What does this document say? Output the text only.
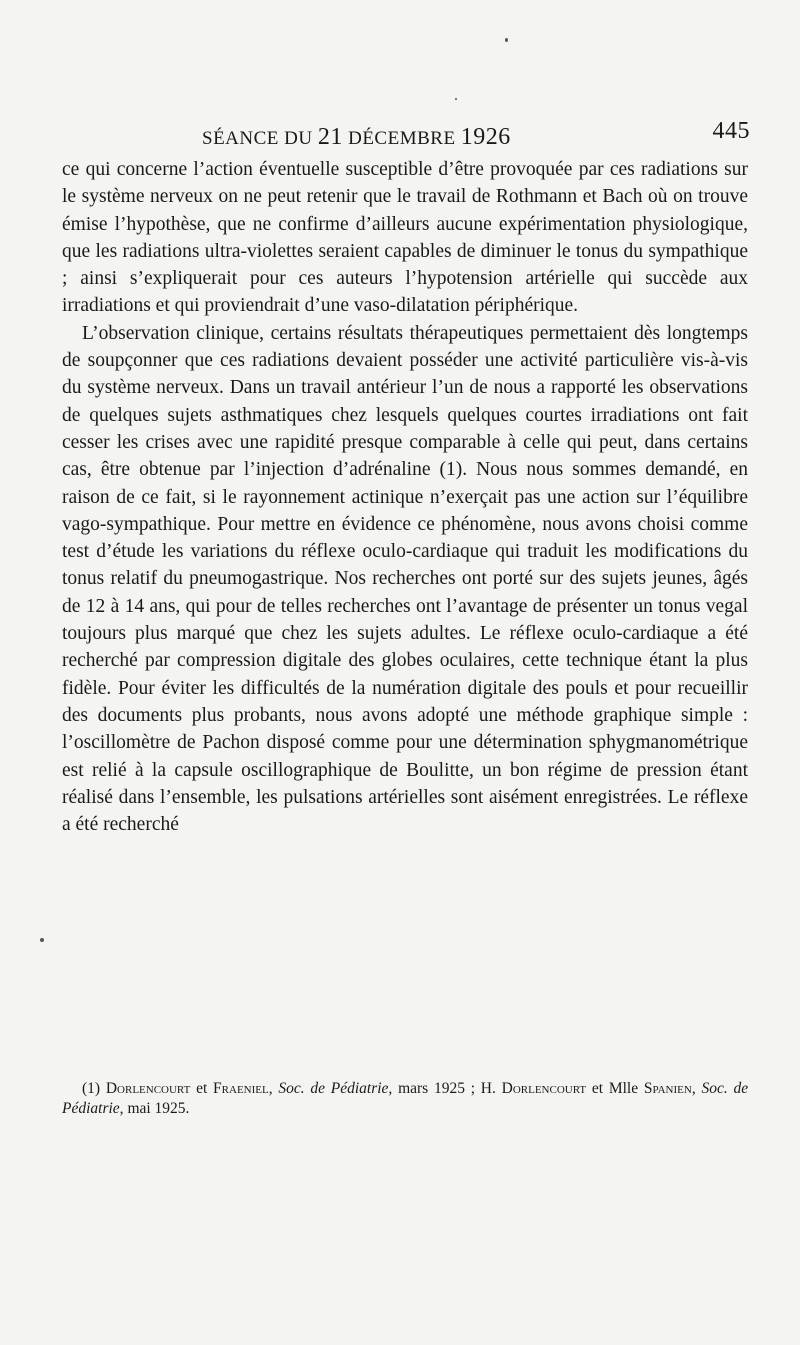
SÉANCE DU 21 DÉCEMBRE 1926	445

ce qui concerne l’action éventuelle susceptible d’être provoquée par ces radiations sur le système nerveux on ne peut retenir que le travail de Rothmann et Bach où on trouve émise l’hypothèse, que ne confirme d’ailleurs aucune expérimentation physiologique, que les radiations ultra-violettes seraient capables de diminuer le tonus du sympathique ; ainsi s’expliquerait pour ces auteurs l’hypotension artérielle qui succède aux irradiations et qui proviendrait d’une vaso-dilatation périphérique.

L’observation clinique, certains résultats thérapeutiques permettaient dès longtemps de soupçonner que ces radiations devaient posséder une activité particulière vis-à-vis du système nerveux. Dans un travail antérieur l’un de nous a rapporté les observations de quelques sujets asthmatiques chez lesquels quelques courtes irradiations ont fait cesser les crises avec une rapidité presque comparable à celle qui peut, dans certains cas, être obtenue par l’injection d’adrénaline (1). Nous nous sommes demandé, en raison de ce fait, si le rayonnement actinique n’exerçait pas une action sur l’équilibre vago-sympathique. Pour mettre en évidence ce phénomène, nous avons choisi comme test d’étude les variations du réflexe oculo-cardiaque qui traduit les modifications du tonus relatif du pneumogastrique. Nos recherches ont porté sur des sujets jeunes, âgés de 12 à 14 ans, qui pour de telles recherches ont l’avantage de présenter un tonus vegal toujours plus marqué que chez les sujets adultes. Le réflexe oculo-cardiaque a été recherché par compression digitale des globes oculaires, cette technique étant la plus fidèle. Pour éviter les difficultés de la numération digitale des pouls et pour recueillir des documents plus probants, nous avons adopté une méthode graphique simple : l’oscillomètre de Pachon disposé comme pour une détermination sphygmanométrique est relié à la capsule oscillographique de Boulitte, un bon régime de pression étant réalisé dans l’ensemble, les pulsations artérielles sont aisément enregistrées. Le réflexe a été recherché

(1) Dorlencourt et Fraeniel, Soc. de Pédiatrie, mars 1925 ; H. Dorlencourt et Mlle Spanien, Soc. de Pédiatrie, mai 1925.
